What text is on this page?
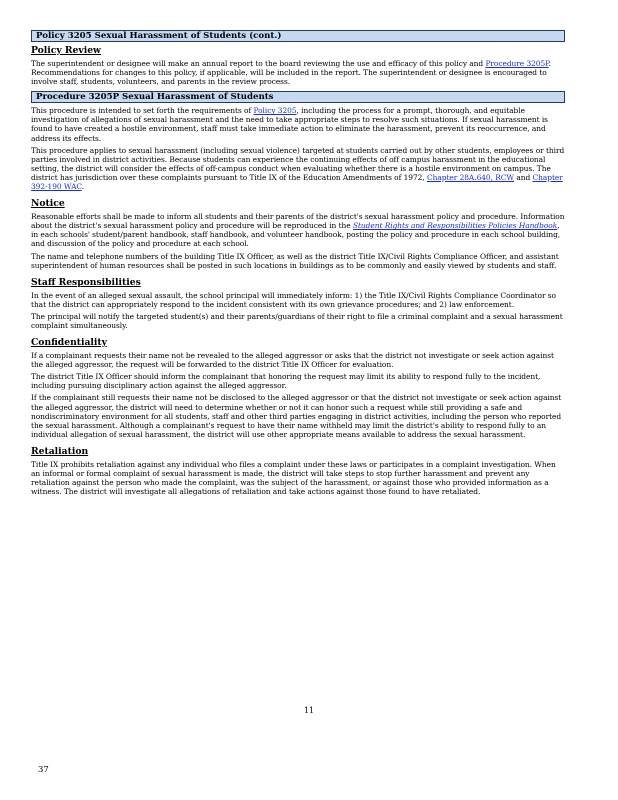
Policy 3205 Sexual Harassment of Students (cont.)
Policy Review

The superintendent or designee will make an annual report to the board reviewing the use and efficacy of this policy and Procedure 3205P. Recommendations for changes to this policy, if applicable, will be included in the report. The superintendent or designee is encouraged to involve staff, students, volunteers, and parents in the review process.

Procedure 3205P Sexual Harassment of Students

This procedure is intended to set forth the requirements of Policy 3205, including the process for a prompt, thorough, and equitable investigation of allegations of sexual harassment and the need to take appropriate steps to resolve such situations. If sexual harassment is found to have created a hostile environment, staff must take immediate action to eliminate the harassment, prevent its reoccurrence, and address its effects.

This procedure applies to sexual harassment (including sexual violence) targeted at students carried out by other students, employees or third parties involved in district activities. Because students can experience the continuing effects of off campus harassment in the educational setting, the district will consider the effects of off-campus conduct when evaluating whether there is a hostile environment on campus. The district has jurisdiction over these complaints pursuant to Title IX of the Education Amendments of 1972, Chapter 28A.640, RCW and Chapter 392-190 WAC.

Notice

Reasonable efforts shall be made to inform all students and their parents of the district's sexual harassment policy and procedure. Information about the district's sexual harassment policy and procedure will be reproduced in the Student Rights and Responsibilities Policies Handbook, in each schools' student/parent handbook, staff handbook, and volunteer handbook, posting the policy and procedure in each school building, and discussion of the policy and procedure at each school.

The name and telephone numbers of the building Title IX Officer, as well as the district Title IX/Civil Rights Compliance Officer, and assistant superintendent of human resources shall be posted in such locations in buildings as to be commonly and easily viewed by students and staff.

Staff Responsibilities

In the event of an alleged sexual assault, the school principal will immediately inform: 1) the Title IX/Civil Rights Compliance Coordinator so that the district can appropriately respond to the incident consistent with its own grievance procedures; and 2) law enforcement.

The principal will notify the targeted student(s) and their parents/guardians of their right to file a criminal complaint and a sexual harassment complaint simultaneously.

Confidentiality

If a complainant requests their name not be revealed to the alleged aggressor or asks that the district not investigate or seek action against the alleged aggressor, the request will be forwarded to the district Title IX Officer for evaluation.

The district Title IX Officer should inform the complainant that honoring the request may limit its ability to respond fully to the incident, including pursuing disciplinary action against the alleged aggressor.

If the complainant still requests their name not be disclosed to the alleged aggressor or that the district not investigate or seek action against the alleged aggressor, the district will need to determine whether or not it can honor such a request while still providing a safe and nondiscriminatory environment for all students, staff and other third parties engaging in district activities, including the person who reported the sexual harassment. Although a complainant's request to have their name withheld may limit the district's ability to respond fully to an individual allegation of sexual harassment, the district will use other appropriate means available to address the sexual harassment.

Retaliation

Title IX prohibits retaliation against any individual who files a complaint under these laws or participates in a complaint investigation. When an informal or formal complaint of sexual harassment is made, the district will take steps to stop further harassment and prevent any retaliation against the person who made the complaint, was the subject of the harassment, or against those who provided information as a witness. The district will investigate all allegations of retaliation and take actions against those found to have retaliated.

11
37
